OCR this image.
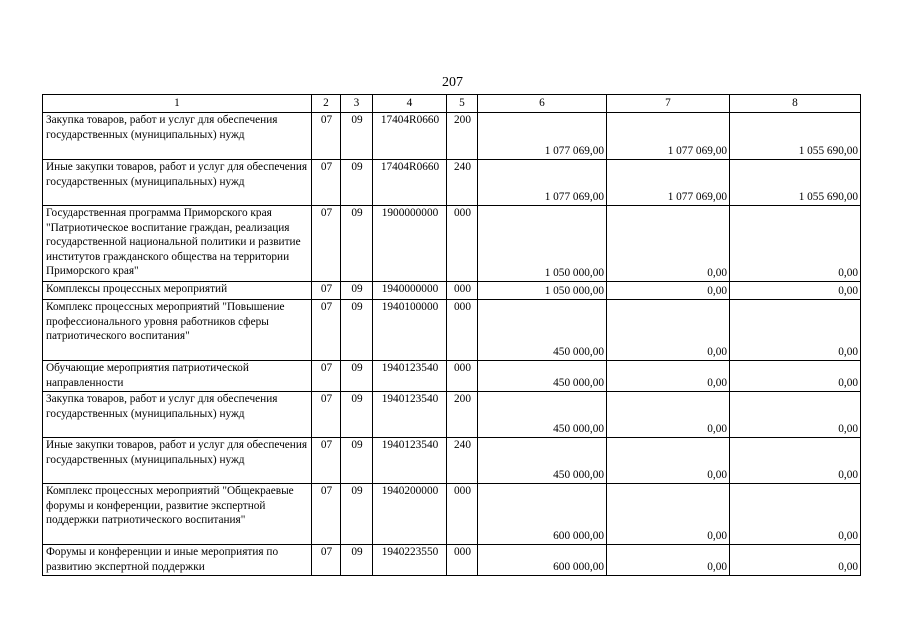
207
1	2	3	4	5	6	7	8
Закупка товаров, работ и услуг для обеспечения государственных (муниципальных) нужд	07	09	17404R0660	200	1 077 069,00	1 077 069,00	1 055 690,00
Иные закупки товаров, работ и услуг для обеспечения государственных (муниципальных) нужд	07	09	17404R0660	240	1 077 069,00	1 077 069,00	1 055 690,00
Государственная программа Приморского края "Патриотическое воспитание граждан, реализация государственной национальной политики и развитие институтов гражданского общества на территории Приморского края"	07	09	1900000000	000	1 050 000,00	0,00	0,00
Комплексы процессных мероприятий	07	09	1940000000	000	1 050 000,00	0,00	0,00
Комплекс процессных мероприятий "Повышение профессионального уровня работников сферы патриотического воспитания"	07	09	1940100000	000	450 000,00	0,00	0,00
Обучающие мероприятия патриотической направленности	07	09	1940123540	000	450 000,00	0,00	0,00
Закупка товаров, работ и услуг для обеспечения государственных (муниципальных) нужд	07	09	1940123540	200	450 000,00	0,00	0,00
Иные закупки товаров, работ и услуг для обеспечения государственных (муниципальных) нужд	07	09	1940123540	240	450 000,00	0,00	0,00
Комплекс процессных мероприятий "Общекраевые форумы и конференции, развитие экспертной поддержки патриотического воспитания"	07	09	1940200000	000	600 000,00	0,00	0,00
Форумы и конференции и иные мероприятия по развитию экспертной поддержки	07	09	1940223550	000	600 000,00	0,00	0,00
